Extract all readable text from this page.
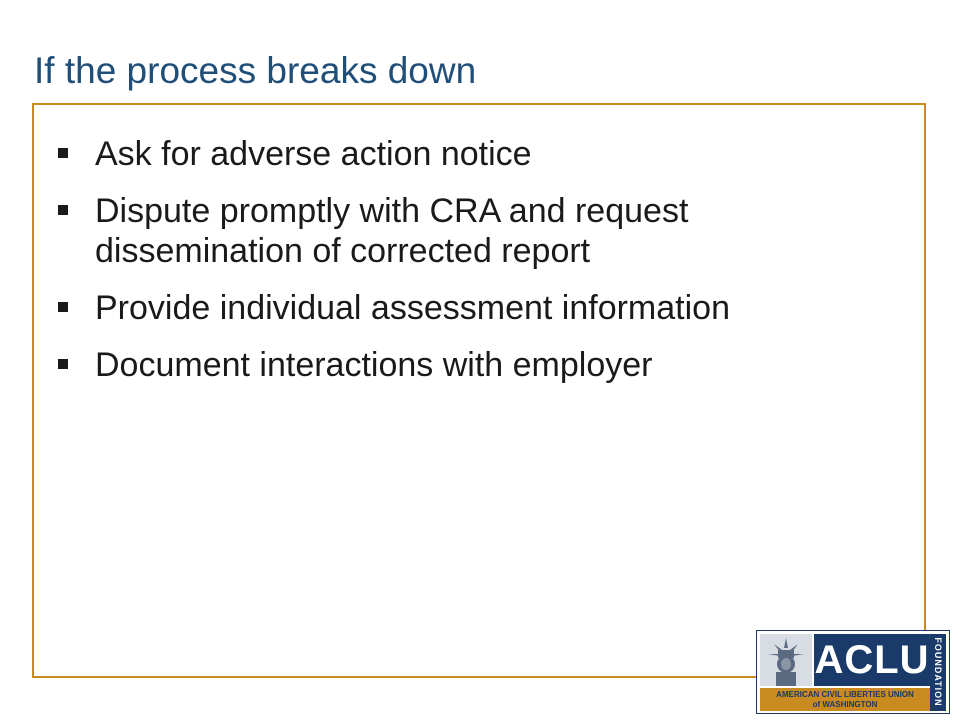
If the process breaks down
Ask for adverse action notice
Dispute promptly with CRA and request dissemination of corrected report
Provide individual assessment information
Document interactions with employer
ACLU
AMERICAN CIVIL LIBERTIES UNION
of WASHINGTON	FOUNDATION
